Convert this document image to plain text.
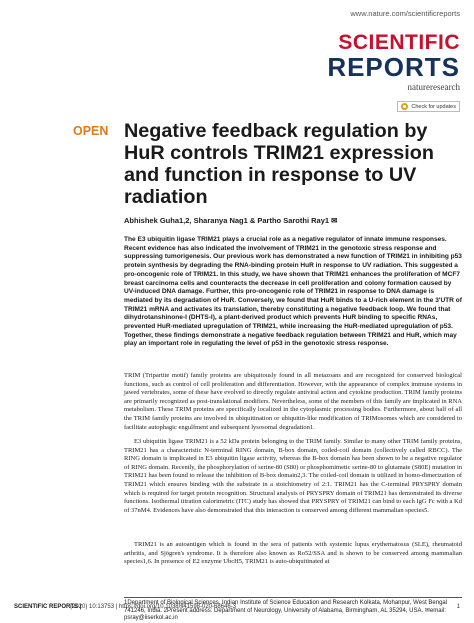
www.nature.com/scientificreports
SCIENTIFIC
REPORTS
natureresearch
Check for updates
OPEN Negative feedback regulation by HuR controls TRIM21 expression and function in response to UV radiation
Abhishek Guha1,2, Sharanya Nag1 & Partho Sarothi Ray1 ✉
The E3 ubiquitin ligase TRIM21 plays a crucial role as a negative regulator of innate immune responses. Recent evidence has also indicated the involvement of TRIM21 in the genotoxic stress response and suppressing tumorigenesis. Our previous work has demonstrated a new function of TRIM21 in inhibiting p53 protein synthesis by degrading the RNA-binding protein HuR in response to UV radiation. This suggested a pro-oncogenic role of TRIM21. In this study, we have shown that TRIM21 enhances the proliferation of MCF7 breast carcinoma cells and counteracts the decrease in cell proliferation and colony formation caused by UV-induced DNA damage. Further, this pro-oncogenic role of TRIM21 in response to DNA damage is mediated by its degradation of HuR. Conversely, we found that HuR binds to a U-rich element in the 3'UTR of TRIM21 mRNA and activates its translation, thereby constituting a negative feedback loop. We found that dihydrotanshinone-I (DHTS-I), a plant-derived product which prevents HuR binding to specific RNAs, prevented HuR-mediated upregulation of TRIM21, while increasing the HuR-mediated upregulation of p53. Together, these findings demonstrate a negative feedback regulation between TRIM21 and HuR, which may play an important role in regulating the level of p53 in the genotoxic stress response.
TRIM (Tripartite motif) family proteins are ubiquitously found in all metazoans and are recognized for conserved biological functions, such as control of cell proliferation and differentiation. However, with the appearance of complex immune systems in jawed vertebrates, some of these have evolved to directly regulate antiviral action and cytokine production. TRIM family proteins are primarily recognized as post-translational modifiers. Nevertheless, some of the members of this family are implicated in RNA metabolism. These TRIM proteins are specifically localized in the cytoplasmic processing bodies. Furthermore, about half of all the TRIM family proteins are involved in ubiquitination or ubiquitin-like modification of TRIMosomes which are considered to facilitate autophagic engulfment and subsequent lysosomal degradation1.
E3 ubiquitin ligase TRIM21 is a 52 kDa protein belonging to the TRIM family. Similar to many other TRIM family proteins, TRIM21 has a characteristic N-terminal RING domain, B-box domain, coiled-coil domain (collectively called RBCC). The RING domain is implicated in E3 ubiquitin ligase activity, whereas the B-box domain has been shown to be a negative regulator of RING domain. Recently, the phosphorylation of serine-80 (S80) or phosphomimetic serine-80 to glutamate (S80E) mutation in TRIM21 has been found to release the inhibition of B-box domain2,3. The coiled-coil domain is utilized in homo-dimerization of TRIM21 which ensures binding with the substrate in a stoichiometry of 2:1. TRIM21 has the C-terminal PRYSPRY domain which is required for target protein recognition. Structural analysis of PRYSPRY domain of TRIM21 has demonstrated its diverse functions. Isothermal titration calorimetric (ITC) study has showed that PRYSPRY of TRIM21 can bind to each IgG Fc with a Kd of 37nM4. Evidences have also demonstrated that this interaction is conserved among different mammalian species5.
TRIM21 is an autoantigen which is found in the sera of patients with systemic lupus erythematosus (SLE), rheumatoid arthritis, and Sjögren's syndrome. It is therefore also known as Ro52/SSA and is shown to be conserved among mammalian species1,6. In presence of E2 enzyme UbcH5, TRIM21 is auto-ubiquitinated at
1Department of Biological Sciences, Indian Institute of Science Education and Research Kolkata, Mohanpur, West Bengal 741246, India. 2Present address: Department of Neurology, University of Alabama, Birmingham, AL 35294, USA. ✉email: psray@iiserkol.ac.in
SCIENTIFIC REPORTS |
(2020) 10:13753 | https://doi.org/10.1038/s41598-020-68646-3	1
